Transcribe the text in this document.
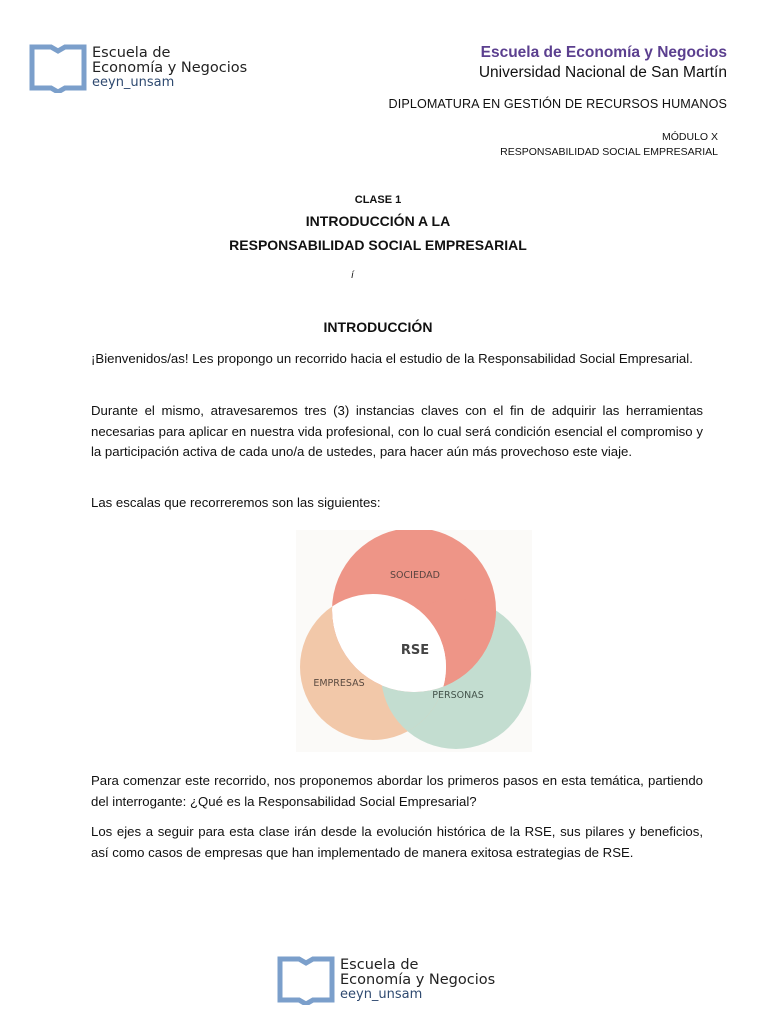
Escuela de
Economía y Negocios
eeyn_unsam
Escuela de Economía y Negocios
Universidad Nacional de San Martín
DIPLOMATURA EN GESTIÓN DE RECURSOS HUMANOS
MÓDULO X
RESPONSABILIDAD SOCIAL EMPRESARIAL
CLASE 1
INTRODUCCIÓN A LA
RESPONSABILIDAD SOCIAL EMPRESARIAL
í
INTRODUCCIÓN

¡Bienvenidos/as! Les propongo un recorrido hacia el estudio de la Responsabilidad Social Empresarial.

Durante el mismo, atravesaremos tres (3) instancias claves con el fin de adquirir las herramientas necesarias para aplicar en nuestra vida profesional, con lo cual será condición esencial el compromiso y la participación activa de cada uno/a de ustedes, para hacer aún más provechoso este viaje.

Las escalas que recorreremos son las siguientes:

SOCIEDAD
EMPRESAS
PERSONAS
RSE

Para comenzar este recorrido, nos proponemos abordar los primeros pasos en esta temática, partiendo del interrogante: ¿Qué es la Responsabilidad Social Empresarial?

Los ejes a seguir para esta clase irán desde la evolución histórica de la RSE, sus pilares y beneficios, así como casos de empresas que han implementado de manera exitosa estrategias de RSE.

Escuela de
Economía y Negocios
eeyn_unsam
